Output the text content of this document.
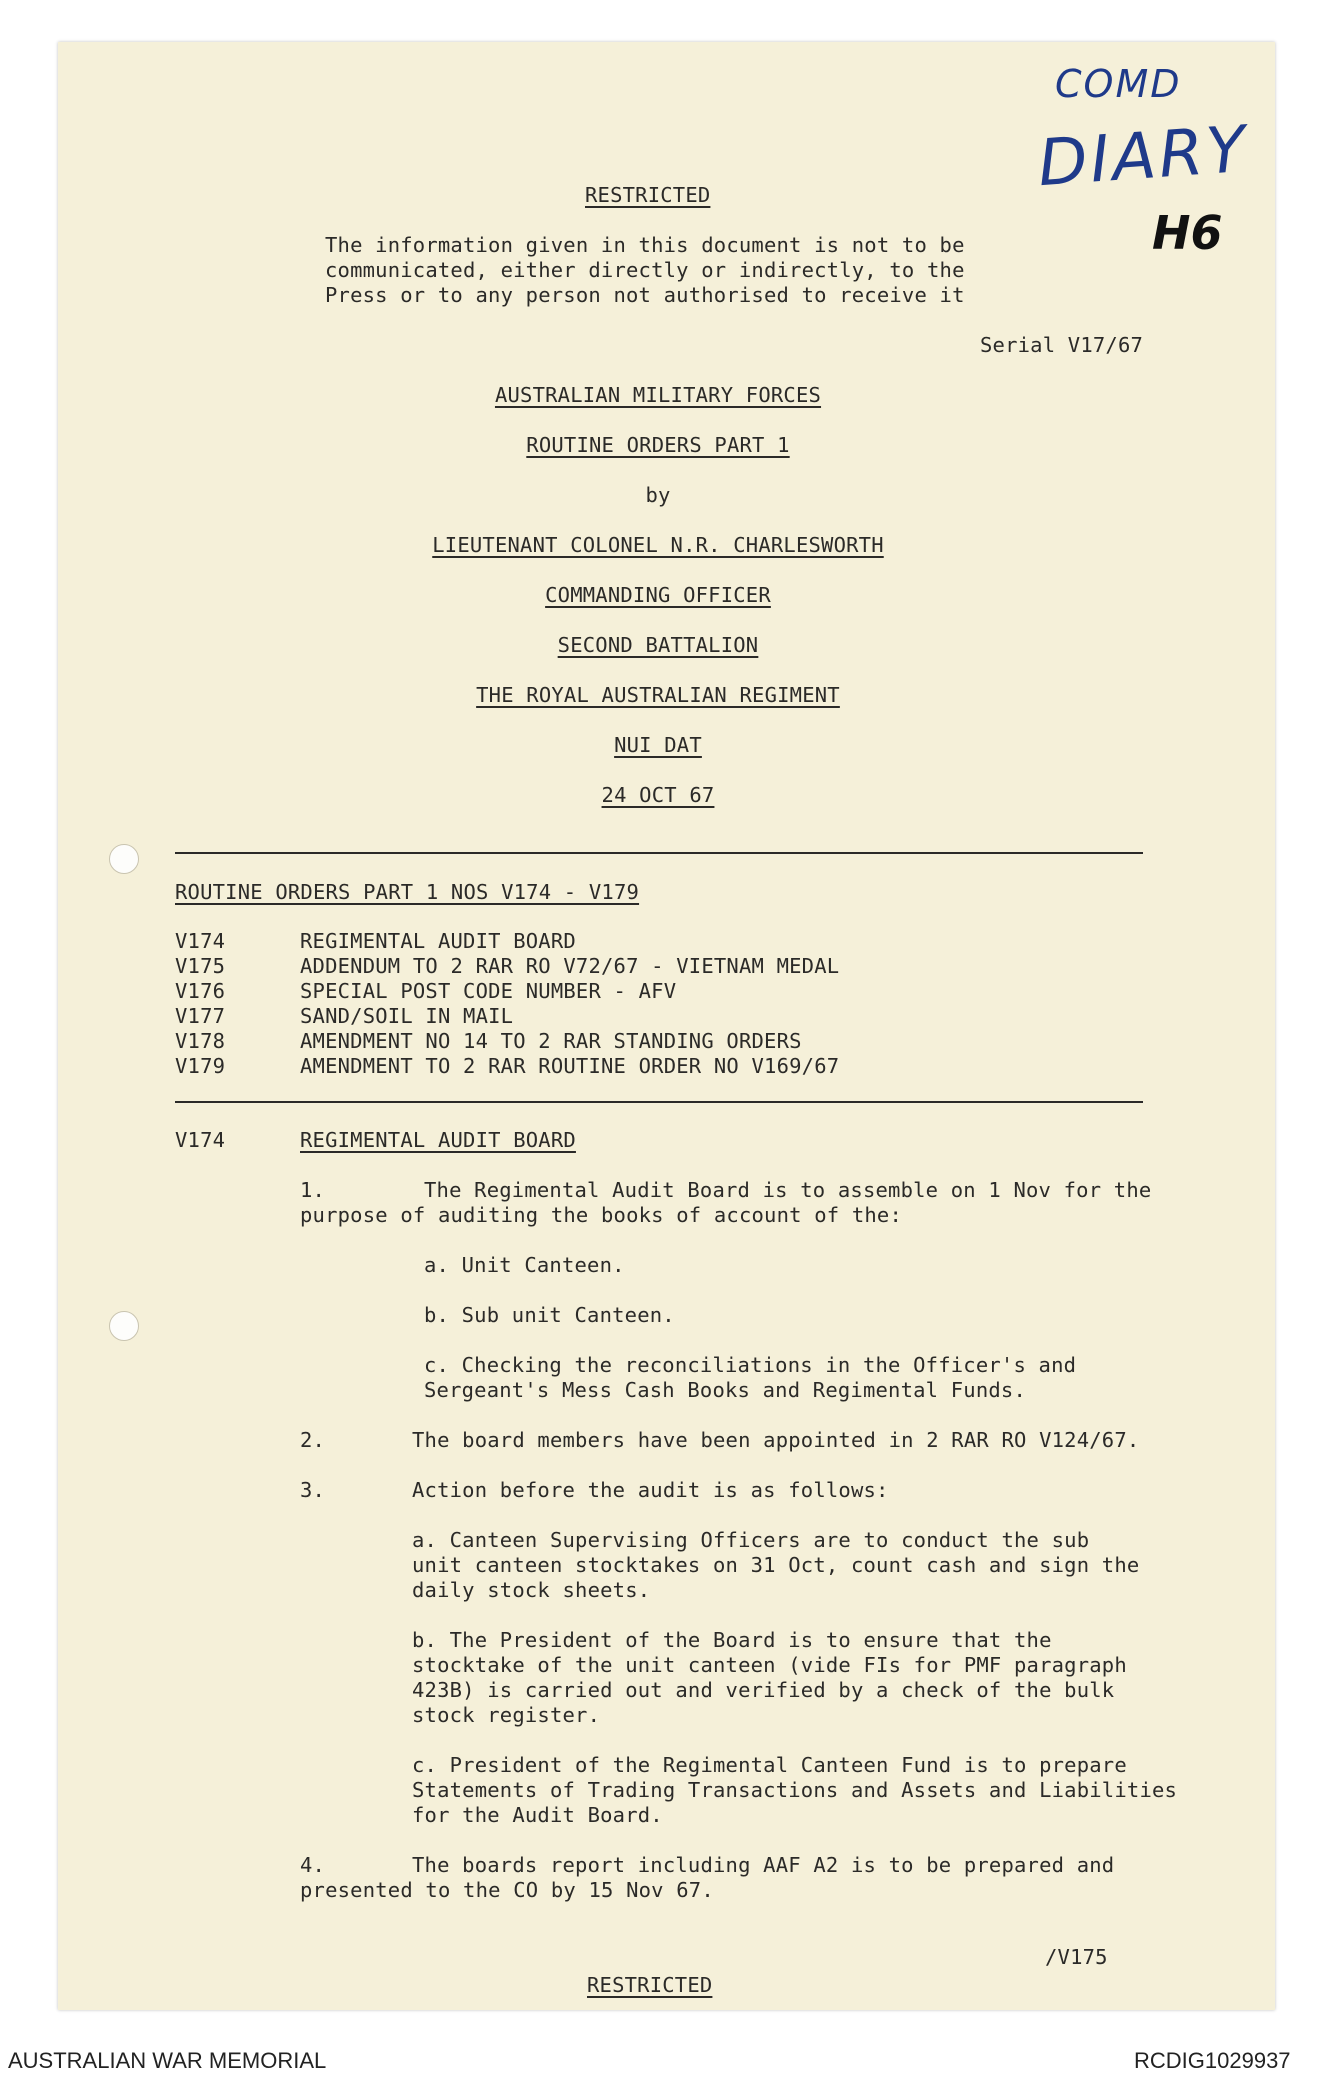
COMD
DIARY
H6
RESTRICTED
The information given in this document is not to be
communicated, either directly or indirectly, to the
Press or to any person not authorised to receive it
Serial V17/67
AUSTRALIAN MILITARY FORCES
ROUTINE ORDERS PART 1
by
LIEUTENANT COLONEL N.R. CHARLESWORTH
COMMANDING OFFICER
SECOND BATTALION
THE ROYAL AUSTRALIAN REGIMENT
NUI DAT
24 OCT 67
ROUTINE ORDERS PART 1 NOS V174 - V179
V174	REGIMENTAL AUDIT BOARD
V175	ADDENDUM TO 2 RAR RO V72/67 - VIETNAM MEDAL
V176	SPECIAL POST CODE NUMBER - AFV
V177	SAND/SOIL IN MAIL
V178	AMENDMENT NO 14 TO 2 RAR STANDING ORDERS
V179	AMENDMENT TO 2 RAR ROUTINE ORDER NO V169/67
V174	REGIMENTAL AUDIT BOARD
1.	The Regimental Audit Board is to assemble on 1 Nov for the
purpose of auditing the books of account of the:
a. Unit Canteen.
b. Sub unit Canteen.
c. Checking the reconciliations in the Officer's and
Sergeant's Mess Cash Books and Regimental Funds.
2.	The board members have been appointed in 2 RAR RO V124/67.
3.	Action before the audit is as follows:
a. Canteen Supervising Officers are to conduct the sub
unit canteen stocktakes on 31 Oct, count cash and sign the
daily stock sheets.
b. The President of the Board is to ensure that the
stocktake of the unit canteen (vide FIs for PMF paragraph
423B) is carried out and verified by a check of the bulk
stock register.
c. President of the Regimental Canteen Fund is to prepare
Statements of Trading Transactions and Assets and Liabilities
for the Audit Board.
4.	The boards report including AAF A2 is to be prepared and
presented to the CO by 15 Nov 67.
/V175
RESTRICTED
AUSTRALIAN WAR MEMORIAL	RCDIG1029937
